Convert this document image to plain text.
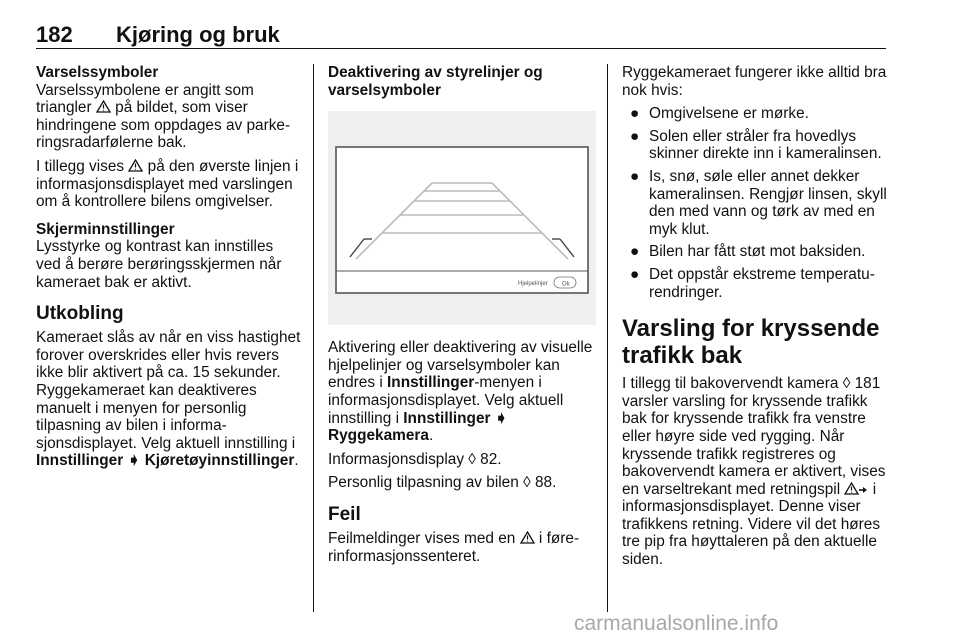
182 Kjøring og bruk
Varselssymboler

Varselssymbolene er angitt som triangler  på bildet, som viser hindringene som oppdages av parkeringsradarfølerne bak.

I tillegg vises  på den øverste linjen i informasjonsdisplayet med varslingen om å kontrollere bilens omgivelser.

Skjerminnstillinger

Lysstyrke og kontrast kan innstilles ved å berøre berøringsskjermen når kameraet bak er aktivt.

Utkobling

Kameraet slås av når en viss hastighet forover overskrides eller hvis revers ikke blir aktivert på ca. 15 sekunder. Ryggekameraet kan deaktiveres manuelt i menyen for personlig tilpasning av bilen i informasjonsdisplayet. Velg aktuell innstilling i Innstillinger ➧ Kjøretøyinnstillinger.

Deaktivering av styrelinjer og varselsymboler
Hjelpelinjer Ok

Aktivering eller deaktivering av visuelle hjelpelinjer og varselsymboler kan endres i Innstillinger-menyen i informasjonsdisplayet. Velg aktuell innstilling i Innstillinger ➧
Ryggekamera.

Informasjonsdisplay ◊ 82.

Personlig tilpasning av bilen ◊ 88.

Feil

Feilmeldinger vises med en  i førerinformasjonssenteret.

Ryggekameraet fungerer ikke alltid bra nok hvis:

● Omgivelsene er mørke.
● Solen eller stråler fra hovedlys skinner direkte inn i kameralinsen.
● Is, snø, søle eller annet dekker kameralinsen. Rengjør linsen, skyll den med vann og tørk av med en myk klut.
● Bilen har fått støt mot baksiden.
● Det oppstår ekstreme temperaturendringer.
Varsling for kryssende trafikk bak

I tillegg til bakovervendt kamera ◊ 181 varsler varsling for kryssende trafikk bak for kryssende trafikk fra venstre eller høyre side ved rygging. Når kryssende trafikk registreres og bakovervendt kamera er aktivert, vises en varseltrekant med retningspil  i informasjonsdisplayet. Denne viser trafikkens retning. Videre vil det høres tre pip fra høyttaleren på den aktuelle siden.

carmanualsonline.info
